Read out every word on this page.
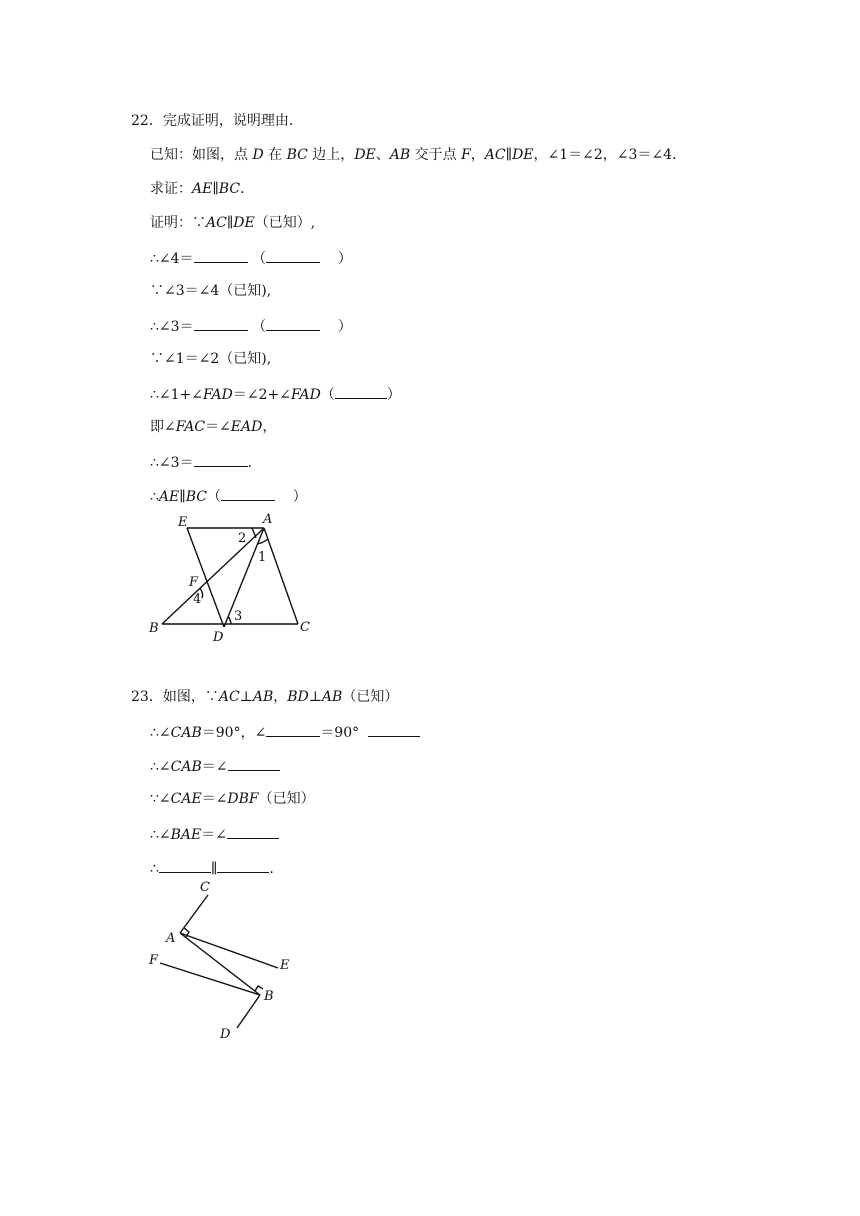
22．完成证明，说明理由．
已知：如图，点 D 在 BC 边上，DE、AB 交于点 F，AC∥DE，∠1＝∠2，∠3＝∠4．
求证：AE∥BC．
证明：∵AC∥DE（已知）,
∴∠4＝	（	）
∵∠3＝∠4（已知),
∴∠3＝	（	）
∵∠1＝∠2（已知),
∴∠1+∠FAD＝∠2+∠FAD（	）
即∠FAC＝∠EAD，
∴∠3＝	.
∴AE∥BC（	）
E	A
2
1
F
4
B
D
3
C
23．如图，∵AC⊥AB，BD⊥AB（已知）
∴∠CAB＝90°，∠	＝90°
∴∠CAB＝∠
∵∠CAE＝∠DBF（已知）
∴∠BAE＝∠
∴	∥	.
C
A
F	E
B
D
